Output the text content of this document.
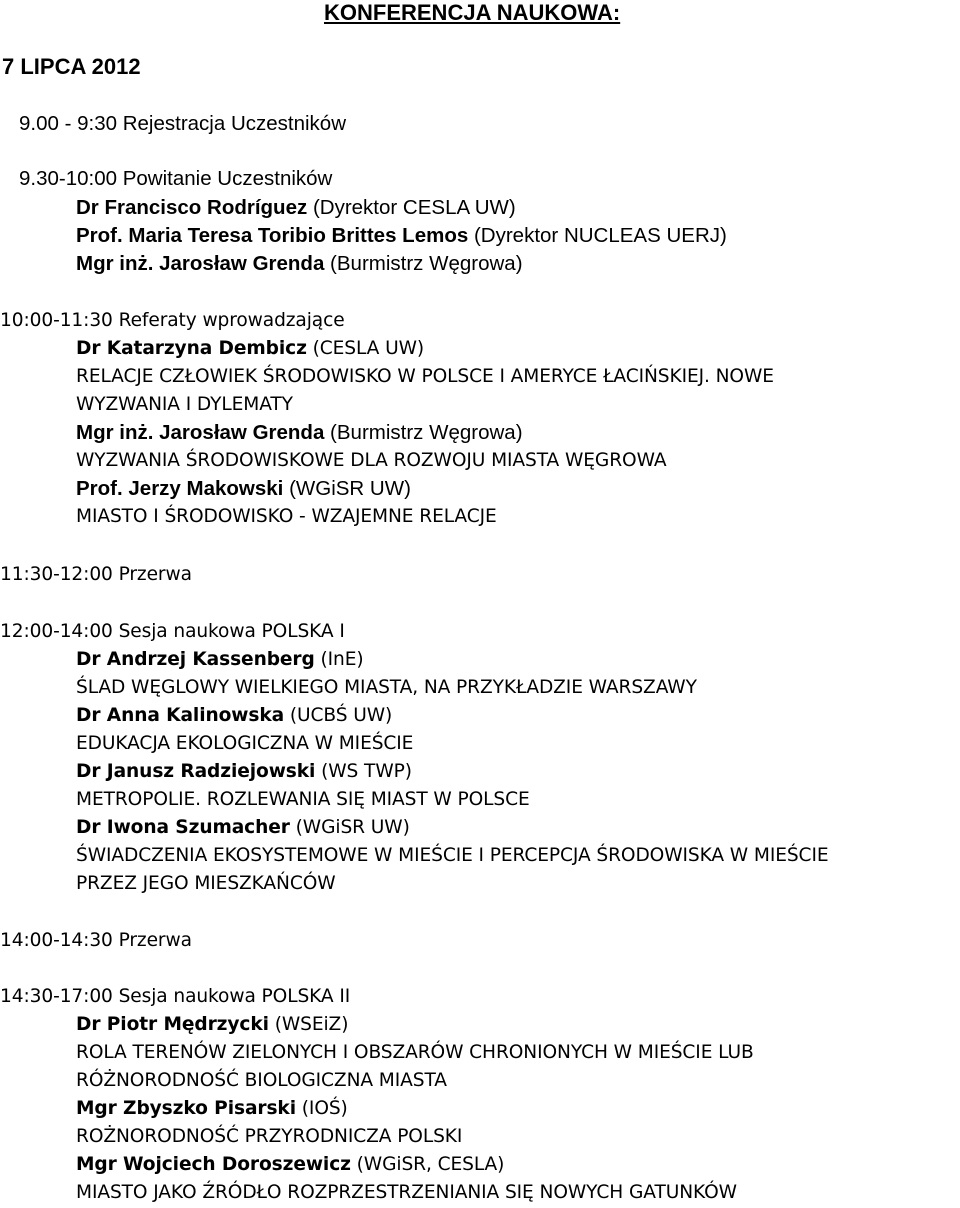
KONFERENCJA NAUKOWA:
7 LIPCA 2012
9.00 - 9:30 Rejestracja Uczestników
9.30-10:00 Powitanie Uczestników
Dr Francisco Rodríguez (Dyrektor CESLA UW)
Prof. Maria Teresa Toribio Brittes Lemos (Dyrektor NUCLEAS UERJ)
Mgr inż. Jarosław Grenda (Burmistrz Węgrowa)
10:00-11:30 Referaty wprowadzające
Dr Katarzyna Dembicz (CESLA UW)
RELACJE CZŁOWIEK ŚRODOWISKO W POLSCE I AMERYCE ŁACIŃSKIEJ. NOWE
WYZWANIA I DYLEMATY
Mgr inż. Jarosław Grenda (Burmistrz Węgrowa)
WYZWANIA ŚRODOWISKOWE DLA ROZWOJU MIASTA WĘGROWA
Prof. Jerzy Makowski (WGiSR UW)
MIASTO I ŚRODOWISKO - WZAJEMNE RELACJE
11:30-12:00 Przerwa
12:00-14:00 Sesja naukowa POLSKA I
Dr Andrzej Kassenberg (InE)
ŚLAD WĘGLOWY WIELKIEGO MIASTA, NA PRZYKŁADZIE WARSZAWY
Dr Anna Kalinowska (UCBŚ UW)
EDUKACJA EKOLOGICZNA W MIEŚCIE
Dr Janusz Radziejowski (WS TWP)
METROPOLIE. ROZLEWANIA SIĘ MIAST W POLSCE
Dr Iwona Szumacher (WGiSR UW)
ŚWIADCZENIA EKOSYSTEMOWE W MIEŚCIE I PERCEPCJA ŚRODOWISKA W MIEŚCIE
PRZEZ JEGO MIESZKAŃCÓW
14:00-14:30 Przerwa
14:30-17:00 Sesja naukowa POLSKA II
Dr Piotr Mędrzycki (WSEiZ)
ROLA TERENÓW ZIELONYCH I OBSZARÓW CHRONIONYCH W MIEŚCIE LUB
RÓŻNORODNOŚĆ BIOLOGICZNA MIASTA
Mgr Zbyszko Pisarski (IOŚ)
ROŻNORODNOŚĆ PRZYRODNICZA POLSKI
Mgr Wojciech Doroszewicz (WGiSR, CESLA)
MIASTO JAKO ŹRÓDŁO ROZPRZESTRZENIANIA SIĘ NOWYCH GATUNKÓW
